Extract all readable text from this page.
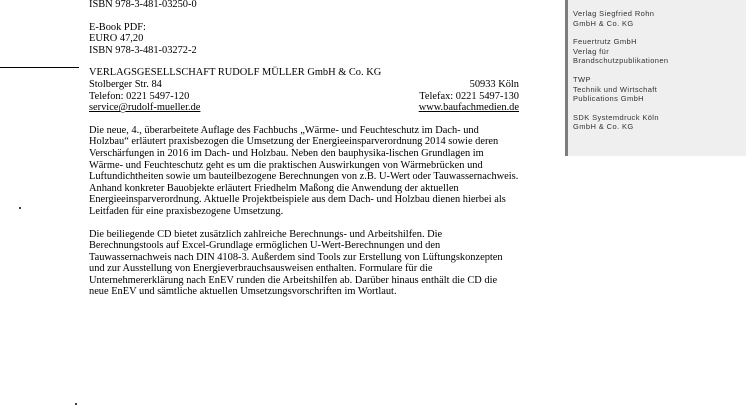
ISBN 978-3-481-03250-0
E-Book PDF:
EURO 47,20
ISBN 978-3-481-03272-2
VERLAGSGESELLSCHAFT RUDOLF MÜLLER GmbH & Co. KG
Stolberger Str. 84	50933 Köln
Telefon: 0221 5497-120	Telefax: 0221 5497-130
service@rudolf-mueller.de	www.baufachmedien.de

Die neue, 4., überarbeitete Auflage des Fachbuchs „Wärme- und Feuchteschutz im Dach- und Holzbau“ erläutert praxisbezogen die Umsetzung der Energieeinsparverordnung 2014 sowie deren Verschärfungen in 2016 im Dach- und Holzbau. Neben den bauphysika-lischen Grundlagen im Wärme- und Feuchteschutz geht es um die praktischen Auswirkungen von Wärmebrücken und Luftundichtheiten sowie um bauteilbezogene Berechnungen von z.B. U-Wert oder Tauwassernachweis. Anhand konkreter Bauobjekte erläutert Friedhelm Maßong die Anwendung der aktuellen Energieeinsparverordnung. Aktuelle Projektbeispiele aus dem Dach- und Holzbau dienen hierbei als Leitfaden für eine praxisbezogene Umsetzung.

Die beiliegende CD bietet zusätzlich zahlreiche Berechnungs- und Arbeitshilfen. Die Berechnungstools auf Excel-Grundlage ermöglichen U-Wert-Berechnungen und den Tauwassernachweis nach DIN 4108-3. Außerdem sind Tools zur Erstellung von Lüftungskonzepten und zur Ausstellung von Energieverbrauchsausweisen enthalten. Formulare für die Unternehmererklärung nach EnEV runden die Arbeitshilfen ab. Darüber hinaus enthält die CD die neue EnEV und sämtliche aktuellen Umsetzungsvorschriften im Wortlaut.

Verlag Siegfried Rohn
GmbH & Co. KG
Feuertrutz GmbH
Verlag für
Brandschutzpublikationen
TWP
Technik und Wirtschaft
Publications GmbH
SDK Systemdruck Köln
GmbH & Co. KG
